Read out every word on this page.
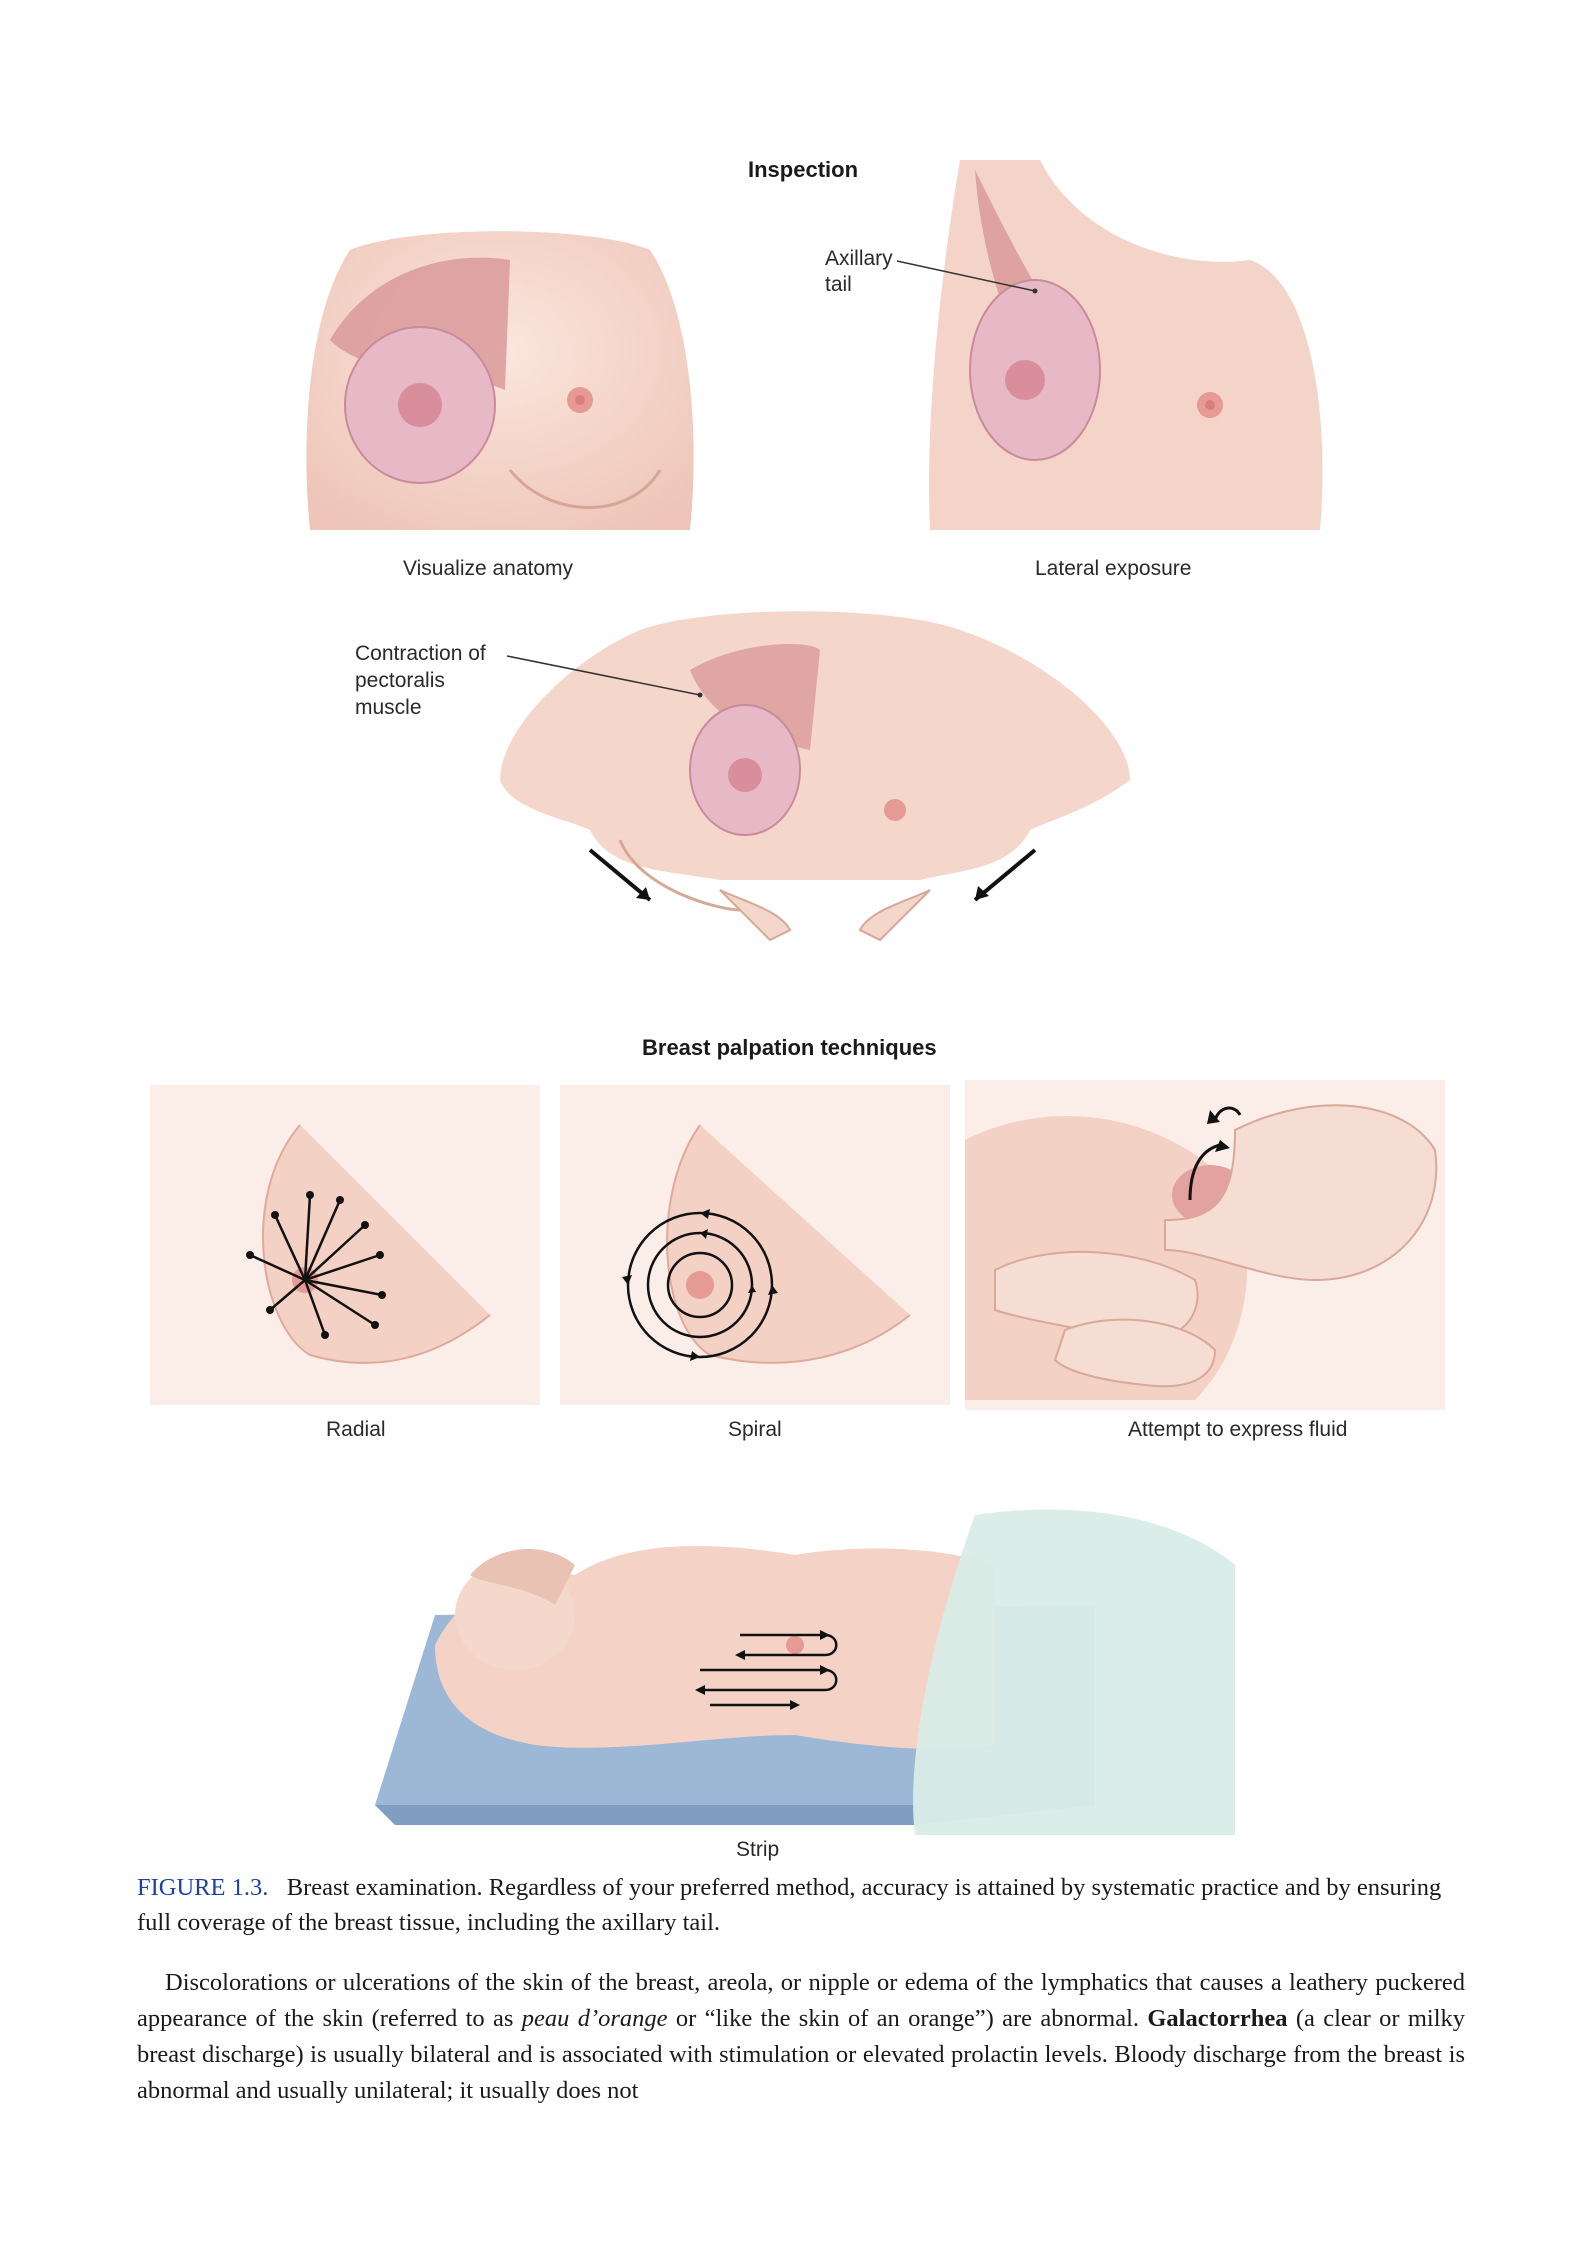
Inspection
Visualize anatomy
Axillary
tail
Lateral exposure
Contraction of
pectoralis
muscle
Breast palpation techniques
Radial	Spiral	Attempt to express fluid
Strip
FIGURE 1.3. Breast examination. Regardless of your preferred method, accuracy is attained by systematic practice and by ensuring full coverage of the breast tissue, including the axillary tail.

Discolorations or ulcerations of the skin of the breast, areola, or nipple or edema of the lymphatics that causes a leathery puckered appearance of the skin (referred to as peau d’orange or “like the skin of an orange”) are abnormal. Galactorrhea (a clear or milky breast discharge) is usually bilateral and is associated with stimulation or elevated prolactin levels. Bloody discharge from the breast is abnormal and usually unilateral; it usually does not
